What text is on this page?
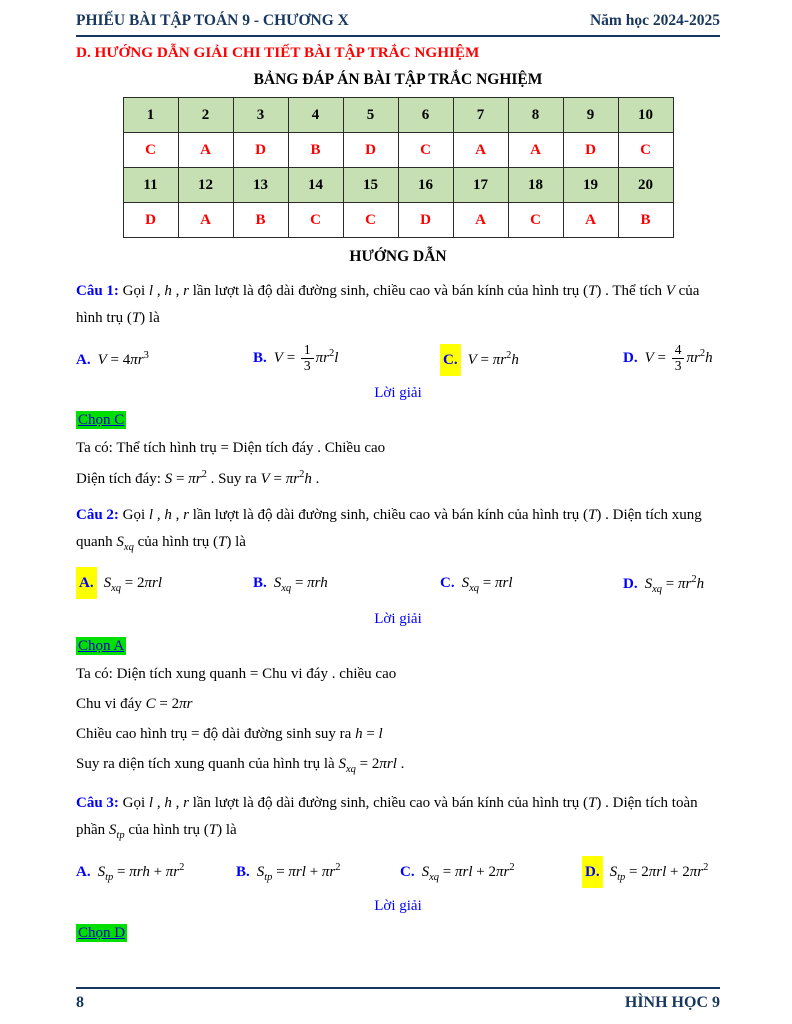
PHIẾU BÀI TẬP TOÁN 9 - CHƯƠNG X	Năm học 2024-2025
D. HƯỚNG DẪN GIẢI CHI TIẾT BÀI TẬP TRẮC NGHIỆM
BẢNG ĐÁP ÁN BÀI TẬP TRẮC NGHIỆM
1	2	3	4	5	6	7	8	9	10
C	A	D	B	D	C	A	A	D	C
11	12	13	14	15	16	17	18	19	20
D	A	B	C	C	D	A	C	A	B
HƯỚNG DẪN

Câu 1: Gọi l , h , r lần lượt là độ dài đường sinh, chiều cao và bán kính của hình trụ (T) . Thể tích V của hình trụ (T) là

A. $V = 4\pi r^3$	B. $V = \frac{1}{3} \pi r^2l$	C. $V = \pi r^2h$	D. $V = \frac{4}{3} \pi r^2h$
Lời giải
Chọn C

Ta có: Thể tích hình trụ = Diện tích đáy . Chiều cao

Diện tích đáy: $S = \pi r^2$ . Suy ra $V = \pi r^2h$ .

Câu 2: Gọi l , h , r lần lượt là độ dài đường sinh, chiều cao và bán kính của hình trụ (T) . Diện tích xung quanh $S_{xq}$ của hình trụ (T) là

A. $S_{xq} = 2\pi rl$	B. $S_{xq} = \pi rh$	C. $S_{xq} = \pi rl$	D. $S_{xq} = \pi r^2h$
Lời giải
Chọn A

Ta có: Diện tích xung quanh = Chu vi đáy . chiều cao

Chu vi đáy C = 2πr

Chiều cao hình trụ = độ dài đường sinh suy ra h = l

Suy ra diện tích xung quanh của hình trụ là $S_{xq} = 2\pi rl$ .

Câu 3: Gọi l , h , r lần lượt là độ dài đường sinh, chiều cao và bán kính của hình trụ (T) . Diện tích toàn phần $S_{tp}$ của hình trụ (T) là

A. $S_{tp} = \pi rh + \pi r^2$	B. $S_{tp} = \pi rl + \pi r^2$	C. $S_{xq} = \pi rl + 2\pi r^2$	D. $S_{tp} = 2\pi rl + 2\pi r^2$
Lời giải
Chọn D
8	HÌNH HỌC 9
